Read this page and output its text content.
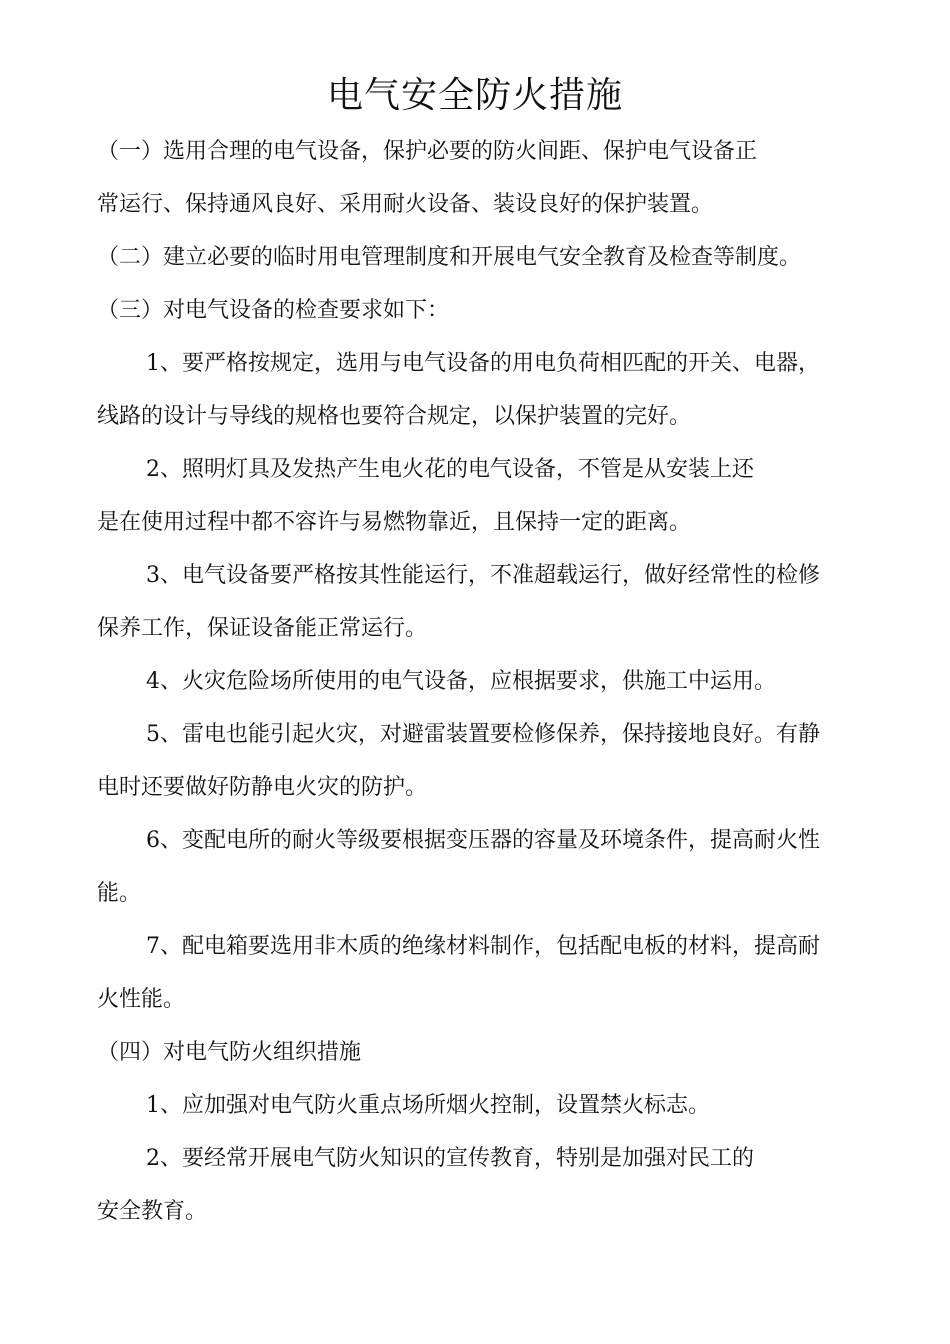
电气安全防火措施
（一）选用合理的电气设备，保护必要的防火间距、保护电气设备正
常运行、保持通风良好、采用耐火设备、装设良好的保护装置。
（二）建立必要的临时用电管理制度和开展电气安全教育及检查等制度。
（三）对电气设备的检查要求如下：
1、要严格按规定，选用与电气设备的用电负荷相匹配的开关、电器，
线路的设计与导线的规格也要符合规定，以保护装置的完好。
2、照明灯具及发热产生电火花的电气设备，不管是从安装上还
是在使用过程中都不容许与易燃物靠近，且保持一定的距离。
3、电气设备要严格按其性能运行，不准超载运行，做好经常性的检修
保养工作，保证设备能正常运行。
4、火灾危险场所使用的电气设备，应根据要求，供施工中运用。
5、雷电也能引起火灾，对避雷装置要检修保养，保持接地良好。有静
电时还要做好防静电火灾的防护。
6、变配电所的耐火等级要根据变压器的容量及环境条件，提高耐火性
能。
7、配电箱要选用非木质的绝缘材料制作，包括配电板的材料，提高耐
火性能。
（四）对电气防火组织措施
1、应加强对电气防火重点场所烟火控制，设置禁火标志。
2、要经常开展电气防火知识的宣传教育，特别是加强对民工的
安全教育。
